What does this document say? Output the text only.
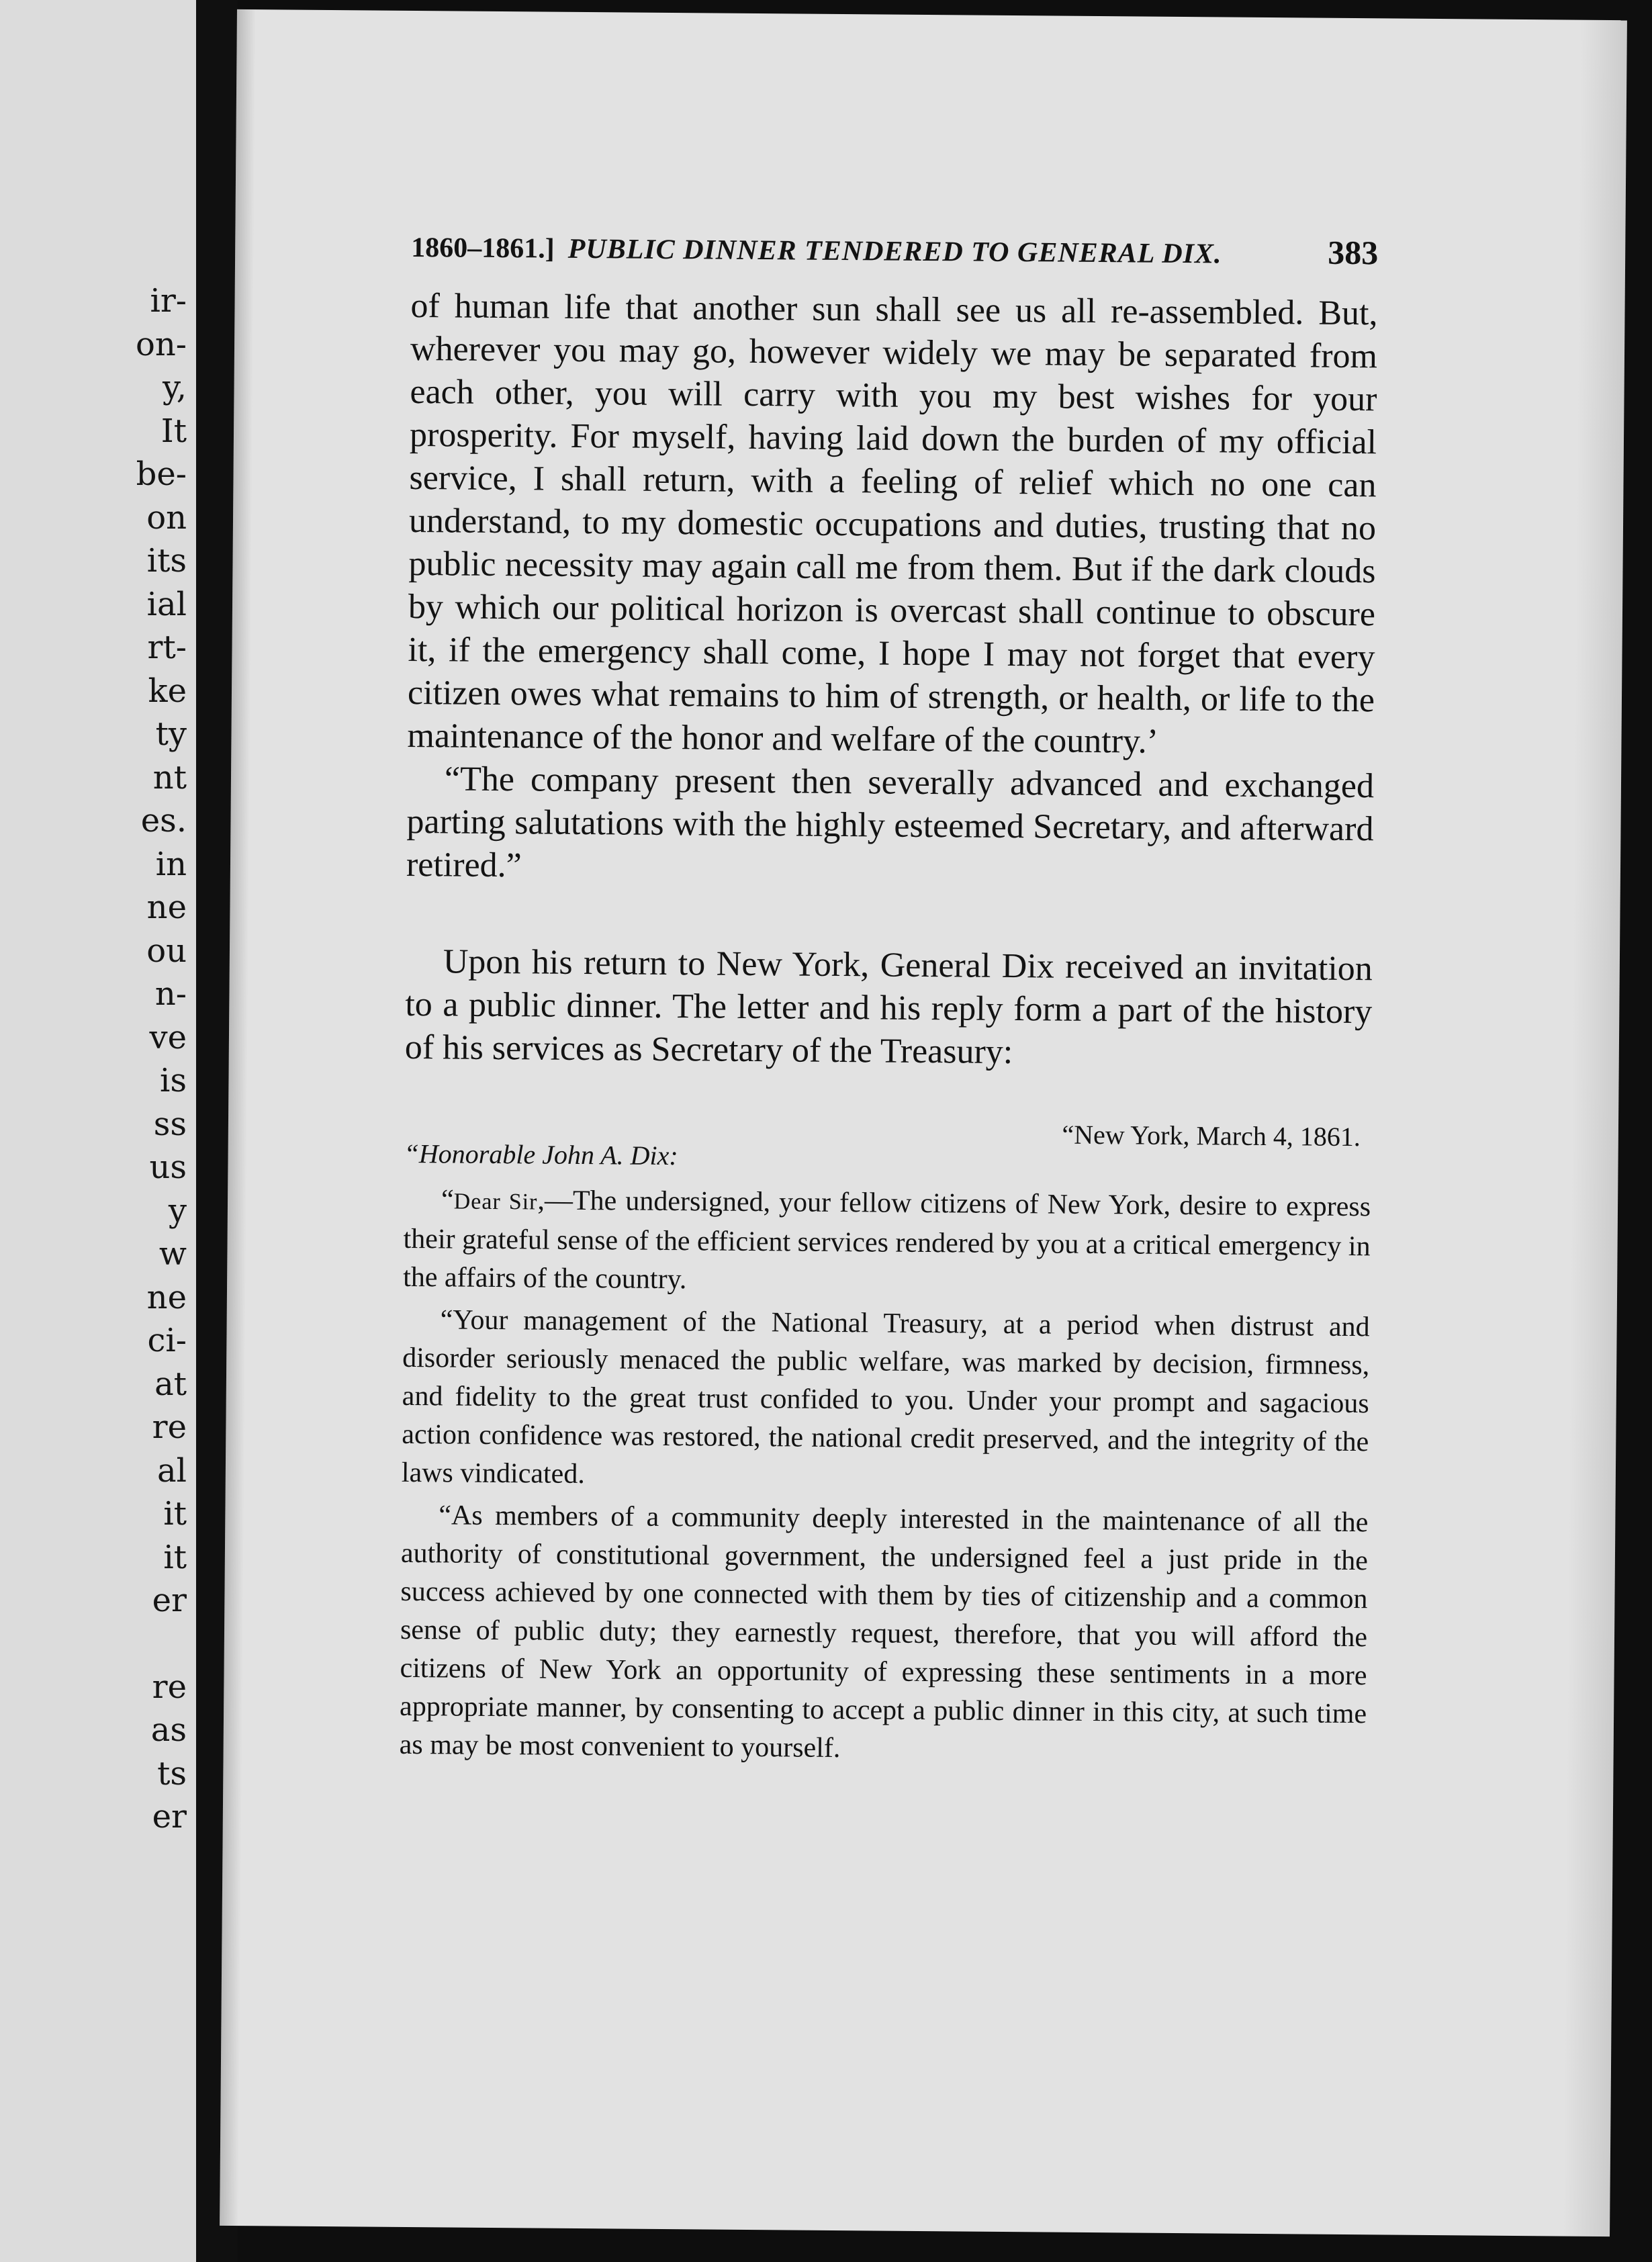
ir-
on-
y,
It
be-
on
its
ial
rt-
ke
ty
nt
es.
in
ne
ou
n-
ve
is
ss
us
y
w
ne
ci-
at
re
al
it
it
er
re
as
ts
er
1860–1861.] PUBLIC DINNER TENDERED TO GENERAL DIX.	383

of human life that another sun shall see us all re-assembled. But, wherever you may go, however widely we may be separated from each other, you will carry with you my best wishes for your prosperity. For myself, having laid down the burden of my official service, I shall return, with a feeling of relief which no one can understand, to my domestic occupations and duties, trusting that no public necessity may again call me from them. But if the dark clouds by which our political horizon is overcast shall continue to obscure it, if the emergency shall come, I hope I may not forget that every citizen owes what remains to him of strength, or health, or life to the maintenance of the honor and welfare of the country.’

“The company present then severally advanced and exchanged parting salutations with the highly esteemed Secretary, and afterward retired.”

Upon his return to New York, General Dix received an invitation to a public dinner. The letter and his reply form a part of the history of his services as Secretary of the Treasury:

“New York, March 4, 1861.
“Honorable John A. Dix:

“Dear Sir,—The undersigned, your fellow citizens of New York, desire to express their grateful sense of the efficient services rendered by you at a critical emergency in the affairs of the country.

“Your management of the National Treasury, at a period when distrust and disorder seriously menaced the public welfare, was marked by decision, firmness, and fidelity to the great trust confided to you. Under your prompt and sagacious action confidence was restored, the national credit preserved, and the integrity of the laws vindicated.

“As members of a community deeply interested in the maintenance of all the authority of constitutional government, the undersigned feel a just pride in the success achieved by one connected with them by ties of citizenship and a common sense of public duty; they earnestly request, therefore, that you will afford the citizens of New York an opportunity of expressing these sentiments in a more appropriate manner, by consenting to accept a public dinner in this city, at such time as may be most convenient to yourself.
